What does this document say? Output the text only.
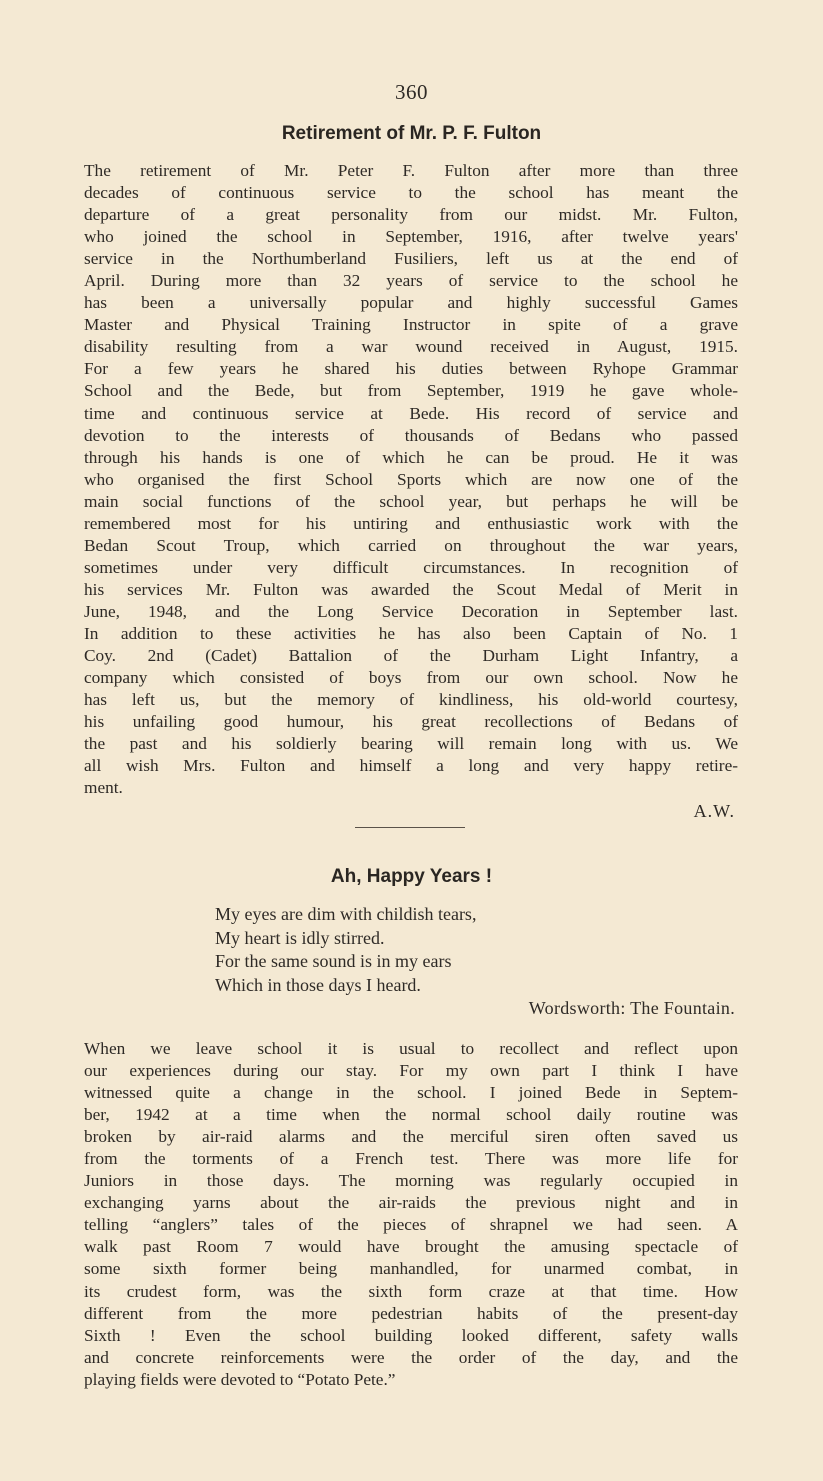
360
Retirement of Mr. P. F. Fulton
The retirement of Mr. Peter F. Fulton after more than three
decades of continuous service to the school has meant the
departure of a great personality from our midst. Mr. Fulton,
who joined the school in September, 1916, after twelve years'
service in the Northumberland Fusiliers, left us at the end of
April. During more than 32 years of service to the school he
has been a universally popular and highly successful Games
Master and Physical Training Instructor in spite of a grave
disability resulting from a war wound received in August, 1915.
For a few years he shared his duties between Ryhope Grammar
School and the Bede, but from September, 1919 he gave whole-
time and continuous service at Bede. His record of service and
devotion to the interests of thousands of Bedans who passed
through his hands is one of which he can be proud. He it was
who organised the first School Sports which are now one of the
main social functions of the school year, but perhaps he will be
remembered most for his untiring and enthusiastic work with the
Bedan Scout Troup, which carried on throughout the war years,
sometimes under very difficult circumstances. In recognition of
his services Mr. Fulton was awarded the Scout Medal of Merit in
June, 1948, and the Long Service Decoration in September last.
In addition to these activities he has also been Captain of No. 1
Coy. 2nd (Cadet) Battalion of the Durham Light Infantry, a
company which consisted of boys from our own school. Now he
has left us, but the memory of kindliness, his old-world courtesy,
his unfailing good humour, his great recollections of Bedans of
the past and his soldierly bearing will remain long with us. We
all wish Mrs. Fulton and himself a long and very happy retire-
ment.
A.W.
Ah, Happy Years !
My eyes are dim with childish tears,
My heart is idly stirred.
For the same sound is in my ears
Which in those days I heard.
Wordsworth: The Fountain.
When we leave school it is usual to recollect and reflect upon
our experiences during our stay. For my own part I think I have
witnessed quite a change in the school. I joined Bede in Septem-
ber, 1942 at a time when the normal school daily routine was
broken by air-raid alarms and the merciful siren often saved us
from the torments of a French test. There was more life for
Juniors in those days. The morning was regularly occupied in
exchanging yarns about the air-raids the previous night and in
telling “anglers” tales of the pieces of shrapnel we had seen. A
walk past Room 7 would have brought the amusing spectacle of
some sixth former being manhandled, for unarmed combat, in
its crudest form, was the sixth form craze at that time. How
different from the more pedestrian habits of the present-day
Sixth ! Even the school building looked different, safety walls
and concrete reinforcements were the order of the day, and the
playing fields were devoted to “Potato Pete.”
